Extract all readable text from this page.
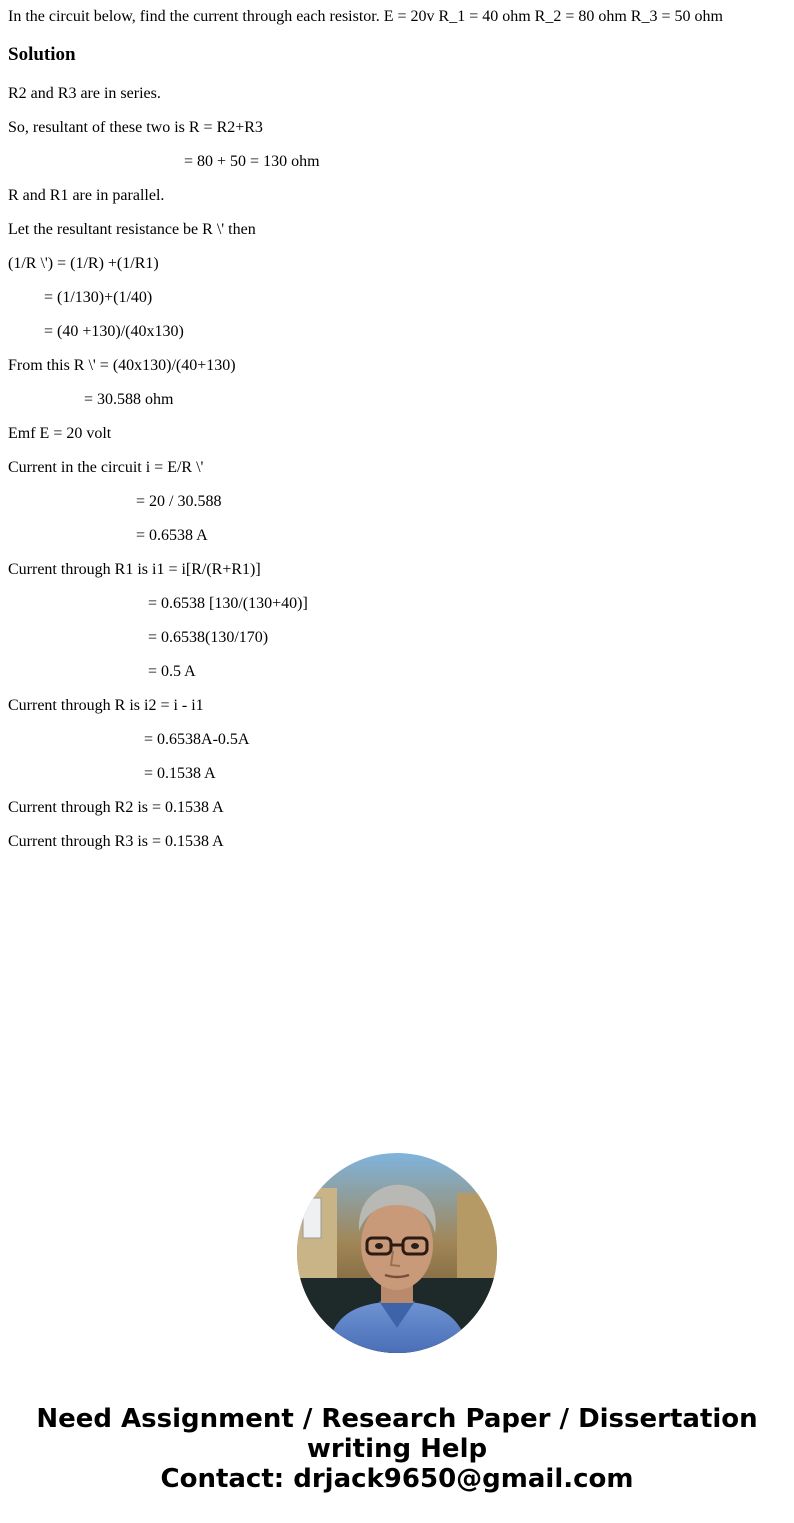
In the circuit below, find the current through each resistor. E = 20v R_1 = 40 ohm R_2 = 80 ohm R_3 = 50 ohm
Solution
R2 and R3 are in series.
So, resultant of these two is R = R2+R3
= 80 + 50 = 130 ohm
R and R1 are in parallel.
Let the resultant resistance be R \' then
(1/R \') = (1/R) +(1/R1)
= (1/130)+(1/40)
= (40 +130)/(40x130)
From this R \' = (40x130)/(40+130)
= 30.588 ohm
Emf E = 20 volt
Current in the circuit i = E/R \'
= 20 / 30.588
= 0.6538 A
Current through R1 is i1 = i[R/(R+R1)]
= 0.6538 [130/(130+40)]
= 0.6538(130/170)
= 0.5 A
Current through R is i2 = i - i1
= 0.6538A-0.5A
= 0.1538 A
Current through R2 is = 0.1538 A
Current through R3 is = 0.1538 A
Need Assignment / Research Paper / Dissertation
writing Help
Contact: drjack9650@gmail.com
